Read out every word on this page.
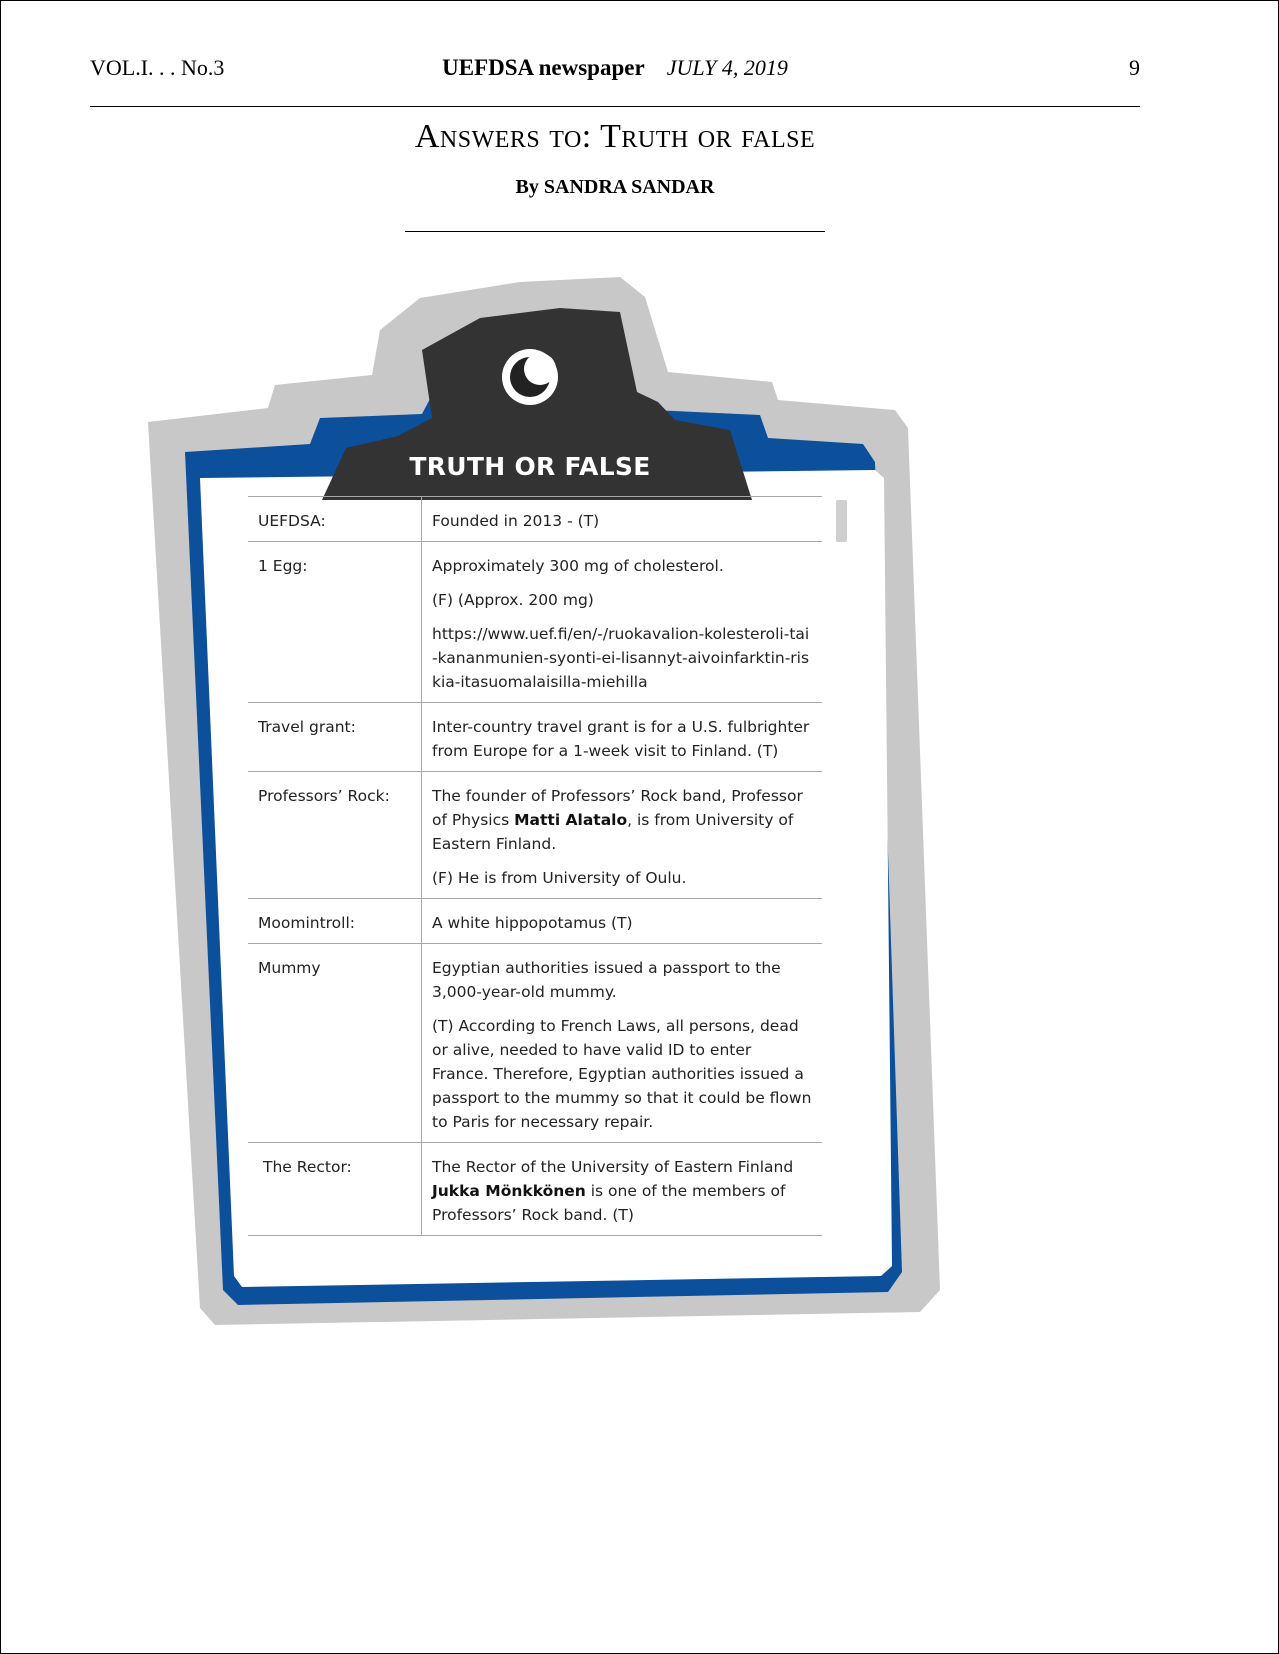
VOL.I. . . No.3	UEFDSA newspaper JULY 4, 2019	9
Answers to: Truth or false
By SANDRA SANDAR
TRUTH OR FALSE
UEFDSA:	Founded in 2013 - (T)
1 Egg:	Approximately 300 mg of cholesterol.

(F) (Approx. 200 mg)

https://www.uef.fi/en/-/ruokavalion-kolesteroli-tai-kananmunien-syonti-ei-lisannyt-aivoinfarktin-riskia-itasuomalaisilla-miehilla

Travel grant:	Inter-country travel grant is for a U.S. fulbrighter from Europe for a 1-week visit to Finland. (T)
Professors’ Rock:	The founder of Professors’ Rock band, Professor of Physics Matti Alatalo, is from University of Eastern Finland.

(F) He is from University of Oulu.

Moomintroll:	A white hippopotamus (T)
Mummy	Egyptian authorities issued a passport to the 3,000-year-old mummy.

(T) According to French Laws, all persons, dead or alive, needed to have valid ID to enter France. Therefore, Egyptian authorities issued a passport to the mummy so that it could be flown to Paris for necessary repair.

The Rector:	The Rector of the University of Eastern Finland Jukka Mönkkönen is one of the members of Professors’ Rock band. (T)
